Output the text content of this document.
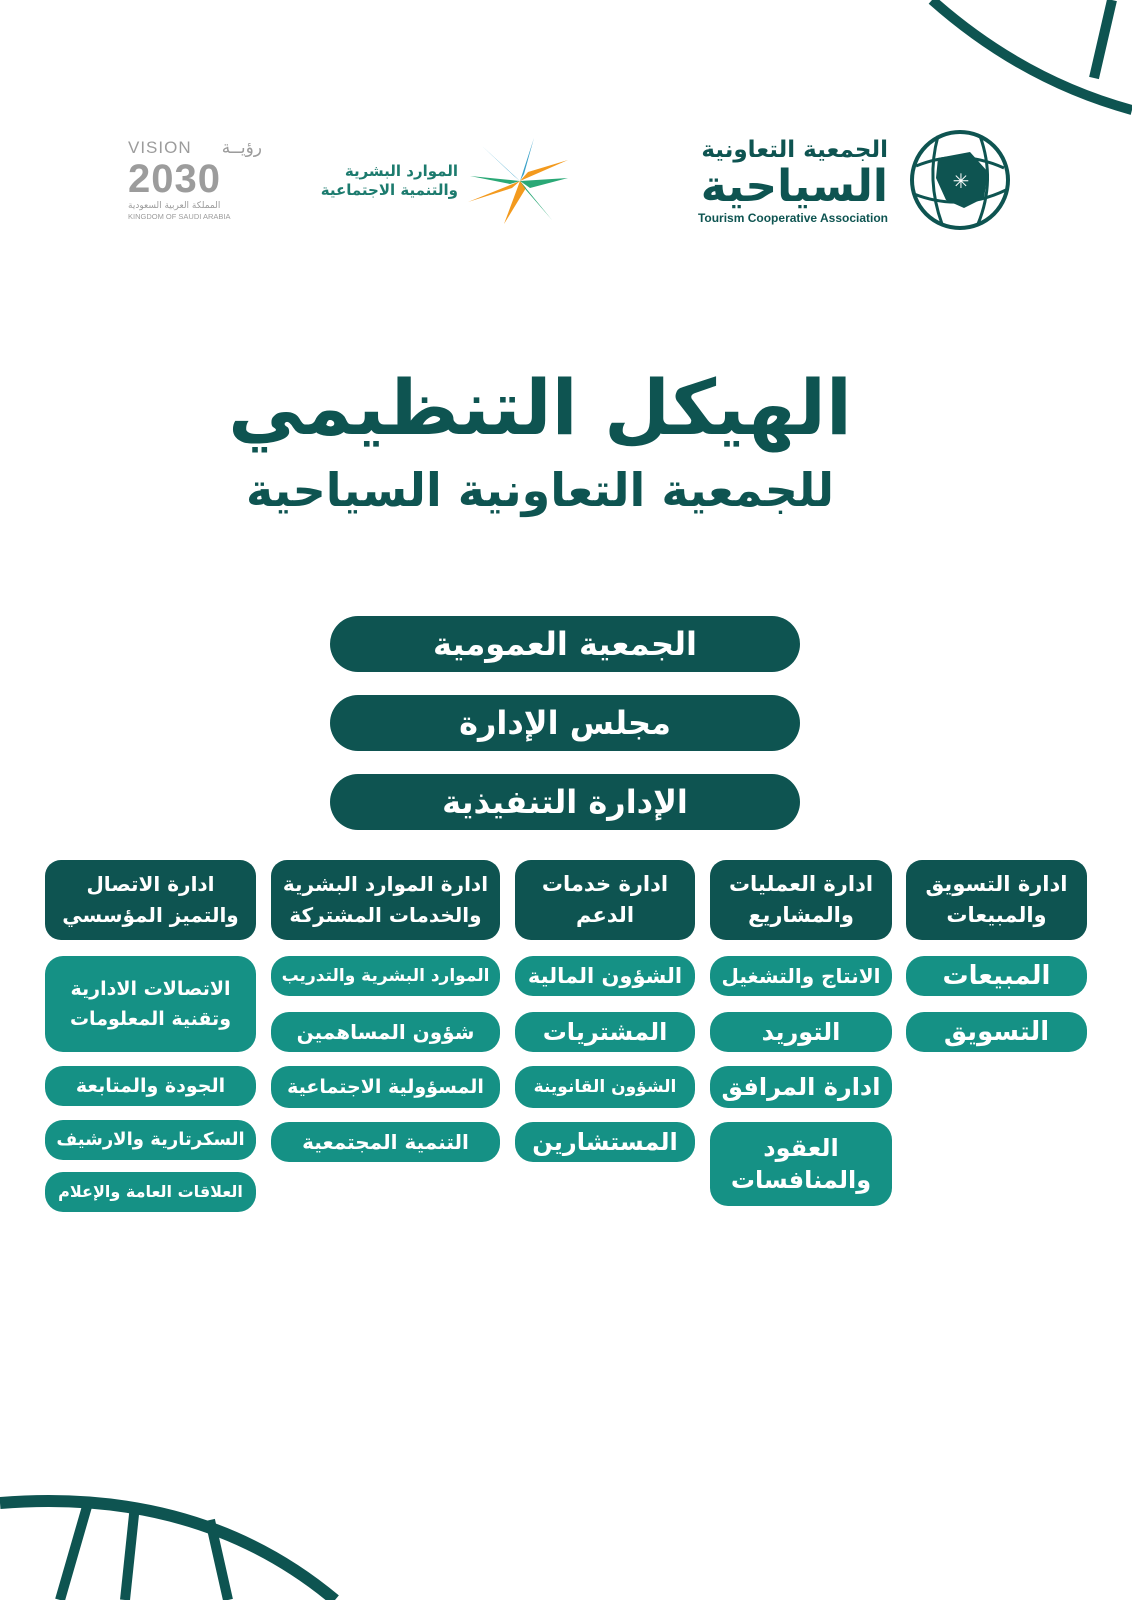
✳
الجمعية التعاونية
السياحية
Tourism Cooperative Association
الموارد البشرية
والتنمية الاجتماعية
رؤيــة
VISION
2030
المملكة العربية السعودية
KINGDOM OF SAUDI ARABIA
الهيكل التنظيمي
للجمعية التعاونية السياحية
الجمعية العمومية
مجلس الإدارة
الإدارة التنفيذية
ادارة التسويق والمبيعات
المبيعات
التسويق
ادارة العمليات والمشاريع
الانتاج والتشغيل
التوريد
ادارة المرافق
العقود والمنافسات
ادارة خدمات الدعم
الشؤون المالية
المشتريات
الشؤون القانوينة
المستشارين
ادارة الموارد البشرية والخدمات المشتركة
الموارد البشرية والتدريب
شؤون المساهمين
المسؤولية الاجتماعية
التنمية المجتمعية
ادارة الاتصال والتميز المؤسسي
الاتصالات الادارية وتقنية المعلومات
الجودة والمتابعة
السكرتارية والارشيف
العلاقات العامة والإعلام
